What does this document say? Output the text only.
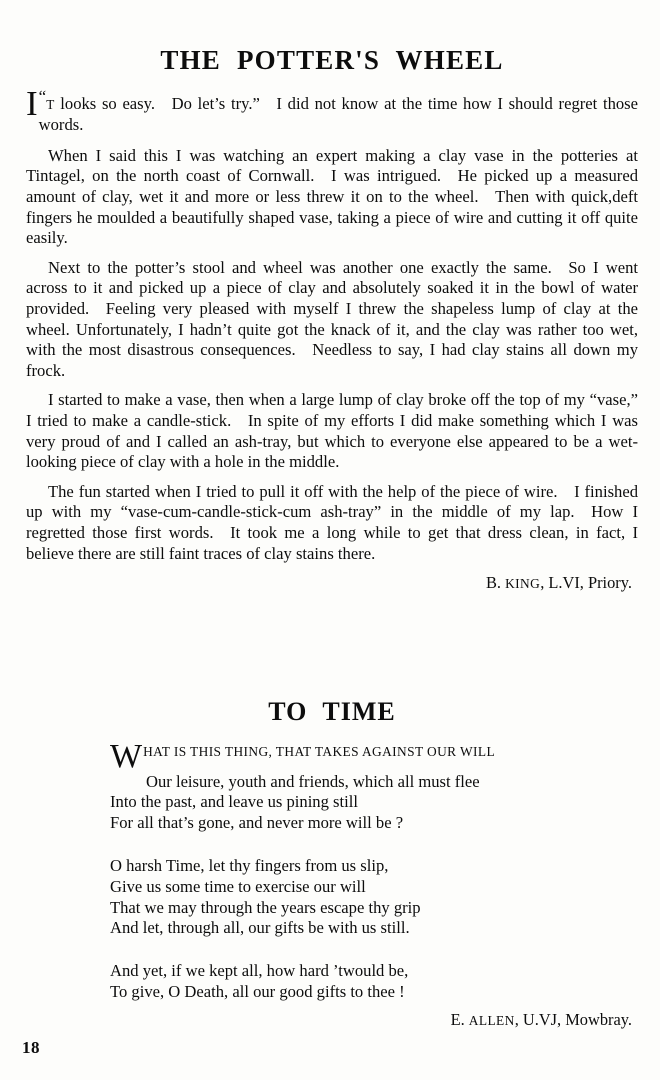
THE POTTER'S WHEEL

“
I T looks so easy. Do let’s try.” I did not know at the time how I should regret those words.

When I said this I was watching an expert making a clay vase in the potteries at Tintagel, on the north coast of Cornwall. I was intrigued. He picked up a measured amount of clay, wet it and more or less threw it on to the wheel. Then with quick,deft fingers he moulded a beautifully shaped vase, taking a piece of wire and cutting it off quite easily.

Next to the potter’s stool and wheel was another one exactly the same. So I went across to it and picked up a piece of clay and absolutely soaked it in the bowl of water provided. Feeling very pleased with myself I threw the shapeless lump of clay at the wheel. Unfortunately, I hadn’t quite got the knack of it, and the clay was rather too wet, with the most disastrous consequences. Needless to say, I had clay stains all down my frock.

I started to make a vase, then when a large lump of clay broke off the top of my “vase,” I tried to make a candle-stick. In spite of my efforts I did make something which I was very proud of and I called an ash-tray, but which to everyone else appeared to be a wet-looking piece of clay with a hole in the middle.

The fun started when I tried to pull it off with the help of the piece of wire. I finished up with my “vase-cum-candle-stick-cum ash-tray” in the middle of my lap. How I regretted those first words. It took me a long while to get that dress clean, in fact, I believe there are still faint traces of clay stains there.

B. KING, L.VI, Priory.

TO TIME
WHAT IS THIS THING, THAT TAKES AGAINST OUR WILL
Our leisure, youth and friends, which all must flee
Into the past, and leave us pining still
For all that’s gone, and never more will be ?
O harsh Time, let thy fingers from us slip,
Give us some time to exercise our will
That we may through the years escape thy grip
And let, through all, our gifts be with us still.
And yet, if we kept all, how hard ’twould be,
To give, O Death, all our good gifts to thee !

E. ALLEN, U.VJ, Mowbray.

18
